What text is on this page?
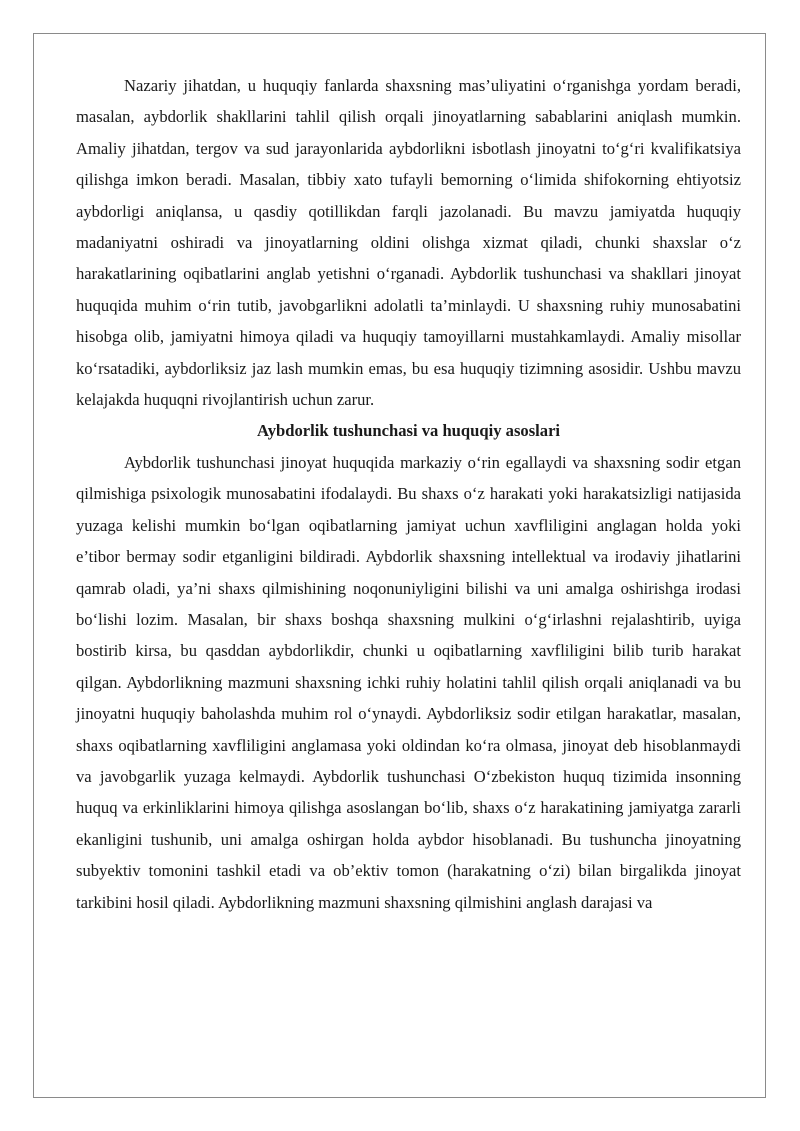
Nazariy jihatdan, u huquqiy fanlarda shaxsning mas’uliyatini o‘rganishga yordam beradi, masalan, aybdorlik shakllarini tahlil qilish orqali jinoyatlarning sabablarini aniqlash mumkin. Amaliy jihatdan, tergov va sud jarayonlarida aybdorlikni isbotlash jinoyatni to‘g‘ri kvalifikatsiya qilishga imkon beradi. Masalan, tibbiy xato tufayli bemorning o‘limida shifokorning ehtiyotsiz aybdorligi aniqlansa, u qasdiy qotillikdan farqli jazolanadi. Bu mavzu jamiyatda huquqiy madaniyatni oshiradi va jinoyatlarning oldini olishga xizmat qiladi, chunki shaxslar o‘z harakatlarining oqibatlarini anglab yetishni o‘rganadi. Aybdorlik tushunchasi va shakllari jinoyat huquqida muhim o‘rin tutib, javobgarlikni adolatli ta’minlaydi. U shaxsning ruhiy munosabatini hisobga olib, jamiyatni himoya qiladi va huquqiy tamoyillarni mustahkamlaydi. Amaliy misollar ko‘rsatadiki, aybdorliksiz jaz lash mumkin emas, bu esa huquqiy tizimning asosidir. Ushbu mavzu kelajakda huquqni rivojlantirish uchun zarur.

Aybdorlik tushunchasi va huquqiy asoslari

Aybdorlik tushunchasi jinoyat huquqida markaziy o‘rin egallaydi va shaxsning sodir etgan qilmishiga psixologik munosabatini ifodalaydi. Bu shaxs o‘z harakati yoki harakatsizligi natijasida yuzaga kelishi mumkin bo‘lgan oqibatlarning jamiyat uchun xavfliligini anglagan holda yoki e’tibor bermay sodir etganligini bildiradi. Aybdorlik shaxsning intellektual va irodaviy jihatlarini qamrab oladi, ya’ni shaxs qilmishining noqonuniyligini bilishi va uni amalga oshirishga irodasi bo‘lishi lozim. Masalan, bir shaxs boshqa shaxsning mulkini o‘g‘irlashni rejalashtirib, uyiga bostirib kirsa, bu qasddan aybdorlikdir, chunki u oqibatlarning xavfliligini bilib turib harakat qilgan. Aybdorlikning mazmuni shaxsning ichki ruhiy holatini tahlil qilish orqali aniqlanadi va bu jinoyatni huquqiy baholashda muhim rol o‘ynaydi. Aybdorliksiz sodir etilgan harakatlar, masalan, shaxs oqibatlarning xavfliligini anglamasa yoki oldindan ko‘ra olmasa, jinoyat deb hisoblanmaydi va javobgarlik yuzaga kelmaydi. Aybdorlik tushunchasi O‘zbekiston huquq tizimida insonning huquq va erkinliklarini himoya qilishga asoslangan bo‘lib, shaxs o‘z harakatining jamiyatga zararli ekanligini tushunib, uni amalga oshirgan holda aybdor hisoblanadi. Bu tushuncha jinoyatning subyektiv tomonini tashkil etadi va ob’ektiv tomon (harakatning o‘zi) bilan birgalikda jinoyat tarkibini hosil qiladi. Aybdorlikning mazmuni shaxsning qilmishini anglash darajasi va
